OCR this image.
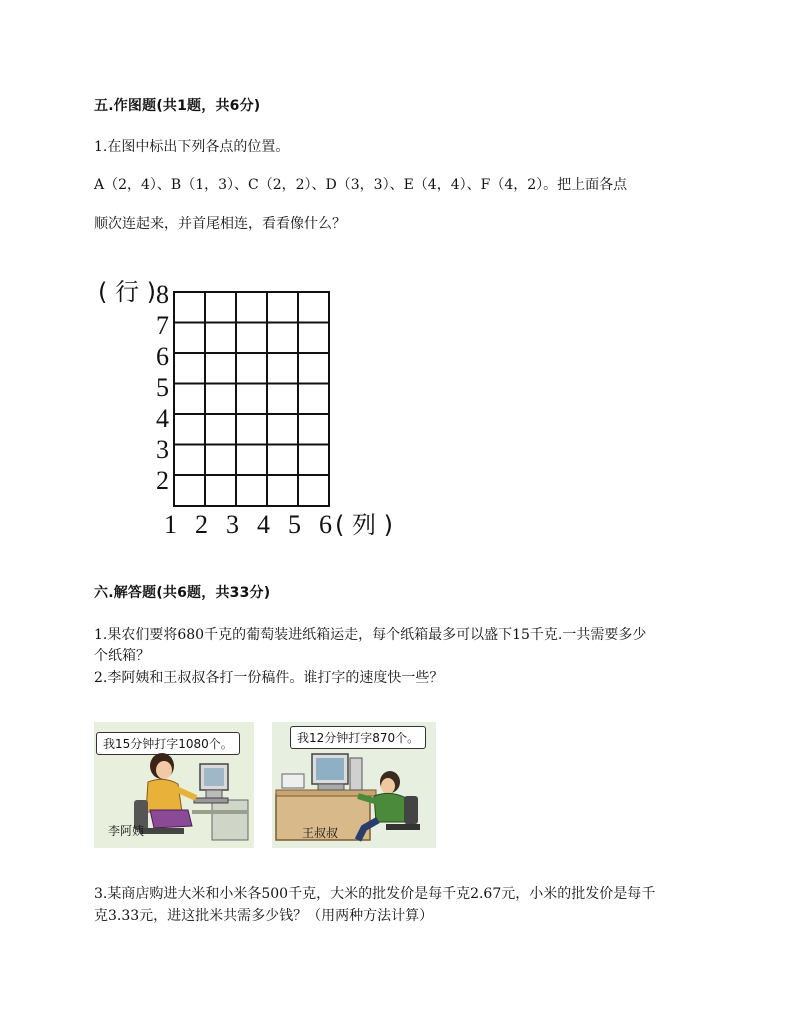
五.作图题(共1题，共6分)
1.在图中标出下列各点的位置。
A（2，4）、B（1，3）、C（2，2）、D（3，3）、E（4，4）、F（4，2）。把上面各点
顺次连起来，并首尾相连，看看像什么？
( 行 ) 8
7
6
5
4
3
2
1 2 3 4 5 6 ( 列 )
六.解答题(共6题，共33分)
1.果农们要将680千克的葡萄装进纸箱运走，每个纸箱最多可以盛下15千克.一共需要多少
个纸箱？
2.李阿姨和王叔叔各打一份稿件。谁打字的速度快一些？
我15分钟打字1080个。	我12分钟打字870个。
李阿姨	王叔叔
3.某商店购进大米和小米各500千克，大米的批发价是每千克2.67元，小米的批发价是每千
克3.33元，进这批米共需多少钱？（用两种方法计算）
